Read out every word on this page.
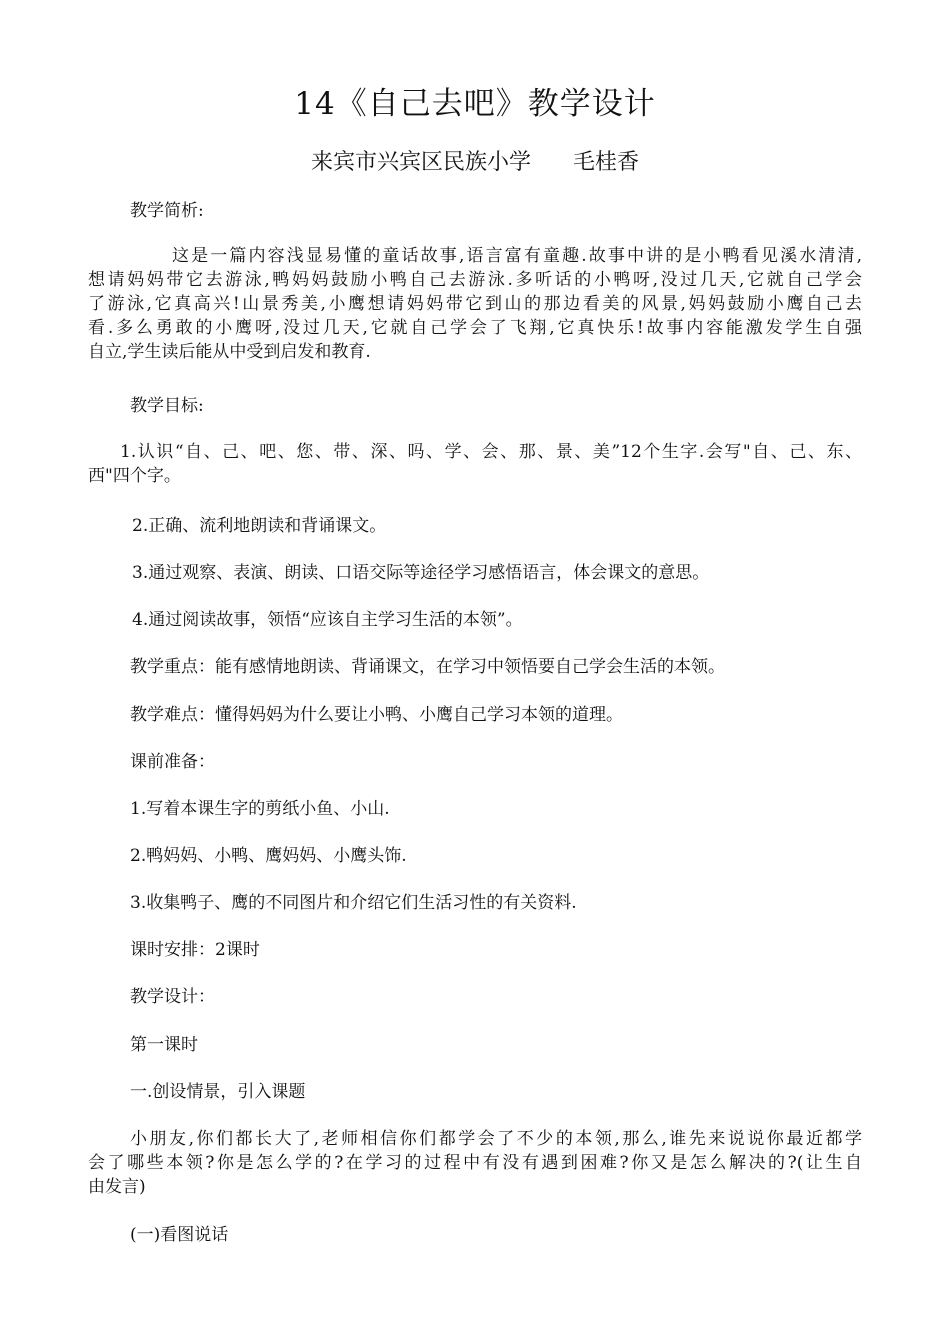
14《自己去吧》教学设计
来宾市兴宾区民族小学 毛桂香

教学简析:

这是一篇内容浅显易懂的童话故事,语言富有童趣.故事中讲的是小鸭看见溪水清清,
想请妈妈带它去游泳,鸭妈妈鼓励小鸭自己去游泳.多听话的小鸭呀,没过几天,它就自己学会
了游泳,它真高兴!山景秀美,小鹰想请妈妈带它到山的那边看美的风景,妈妈鼓励小鹰自己去
看.多么勇敢的小鹰呀,没过几天,它就自己学会了飞翔,它真快乐!故事内容能激发学生自强
自立,学生读后能从中受到启发和教育.

教学目标:

1.认识“自、己、吧、您、带、深、吗、学、会、那、景、美”12个生字.会写"自、己、东、
西"四个字。

2.正确、流利地朗读和背诵课文。

3.通过观察、表演、朗读、口语交际等途径学习感悟语言，体会课文的意思。

4.通过阅读故事，领悟“应该自主学习生活的本领”。

教学重点：能有感情地朗读、背诵课文，在学习中领悟要自己学会生活的本领。

教学难点：懂得妈妈为什么要让小鸭、小鹰自己学习本领的道理。

课前准备：

1.写着本课生字的剪纸小鱼、小山.

2.鸭妈妈、小鸭、鹰妈妈、小鹰头饰.

3.收集鸭子、鹰的不同图片和介绍它们生活习性的有关资料.

课时安排：2课时

教学设计：

第一课时

一.创设情景，引入课题

小朋友,你们都长大了,老师相信你们都学会了不少的本领,那么,谁先来说说你最近都学
会了哪些本领?你是怎么学的?在学习的过程中有没有遇到困难?你又是怎么解决的?(让生自
由发言)

(一)看图说话
